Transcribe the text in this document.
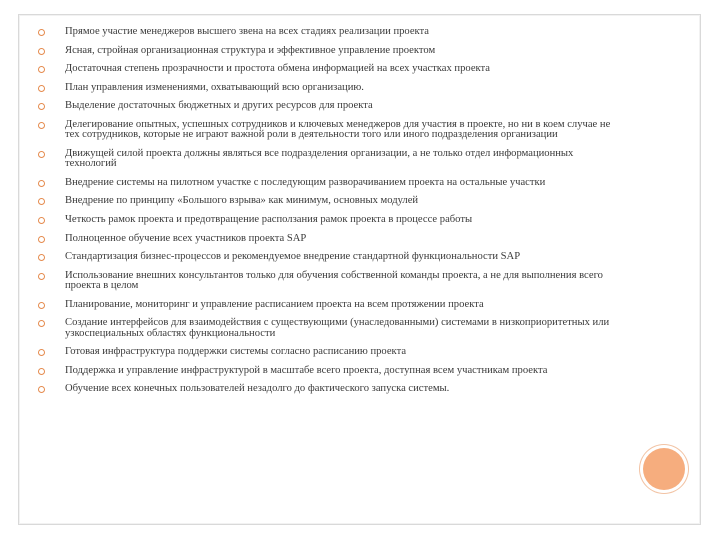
Прямое участие менеджеров высшего звена на всех стадиях реализации проекта
Ясная, стройная организационная структура и эффективное управление проектом
Достаточная степень прозрачности и простота обмена информацией на всех участках проекта
План управления изменениями, охватывающий всю организацию.
Выделение достаточных бюджетных и других ресурсов для проекта
Делегирование опытных, успешных сотрудников и ключевых менеджеров для участия в проекте, но ни в коем случае не тех сотрудников, которые не играют важной роли в деятельности того или иного подразделения организации
Движущей силой проекта должны являться все подразделения организации, а не только отдел информационных технологий
Внедрение системы на пилотном участке с последующим разворачиванием проекта на остальные участки
Внедрение по принципу «Большого взрыва» как минимум, основных модулей
Четкость рамок проекта и предотвращение расползания рамок проекта в процессе работы
Полноценное обучение всех участников проекта SAP
Стандартизация бизнес-процессов и рекомендуемое внедрение стандартной функциональности SAP
Использование внешних консультантов только для обучения собственной команды проекта, а не для выполнения всего проекта в целом
Планирование, мониторинг и управление расписанием проекта на всем протяжении проекта
Создание интерфейсов для взаимодействия с существующими (унаследованными) системами в низкоприоритетных или узкоспециальных областях функциональности
Готовая инфраструктура поддержки системы согласно расписанию проекта
Поддержка и управление инфраструктурой в масштабе всего проекта, доступная всем участникам проекта
Обучение всех конечных пользователей незадолго до фактического запуска системы.
